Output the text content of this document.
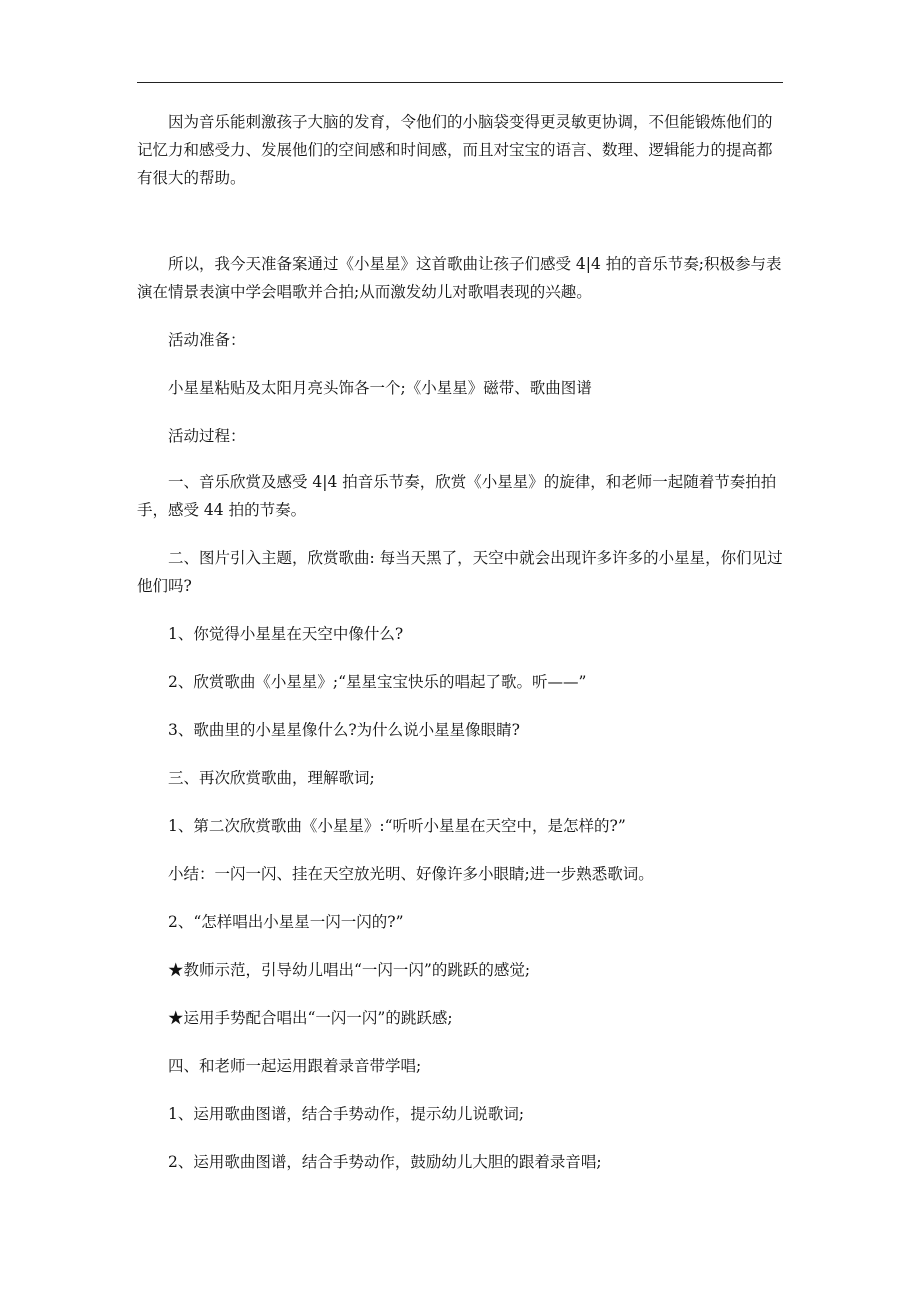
因为音乐能刺激孩子大脑的发育，令他们的小脑袋变得更灵敏更协调，不但能锻炼他们的记忆力和感受力、发展他们的空间感和时间感，而且对宝宝的语言、数理、逻辑能力的提高都有很大的帮助。

所以，我今天准备案通过《小星星》这首歌曲让孩子们感受 4|4 拍的音乐节奏;积极参与表演在情景表演中学会唱歌并合拍;从而激发幼儿对歌唱表现的兴趣。

活动准备：

小星星粘贴及太阳月亮头饰各一个;《小星星》磁带、歌曲图谱

活动过程：

一、音乐欣赏及感受 4|4 拍音乐节奏，欣赏《小星星》的旋律，和老师一起随着节奏拍拍手，感受 44 拍的节奏。

二、图片引入主题，欣赏歌曲: 每当天黑了，天空中就会出现许多许多的小星星，你们见过他们吗?

1、你觉得小星星在天空中像什么?

2、欣赏歌曲《小星星》;“星星宝宝快乐的唱起了歌。听——”

3、歌曲里的小星星像什么?为什么说小星星像眼睛?

三、再次欣赏歌曲，理解歌词;

1、第二次欣赏歌曲《小星星》:“听听小星星在天空中，是怎样的?”

小结：一闪一闪、挂在天空放光明、好像许多小眼睛;进一步熟悉歌词。

2、“怎样唱出小星星一闪一闪的?”

★教师示范，引导幼儿唱出“一闪一闪”的跳跃的感觉;

★运用手势配合唱出“一闪一闪”的跳跃感;

四、和老师一起运用跟着录音带学唱;

1、运用歌曲图谱，结合手势动作，提示幼儿说歌词;

2、运用歌曲图谱，结合手势动作，鼓励幼儿大胆的跟着录音唱;
